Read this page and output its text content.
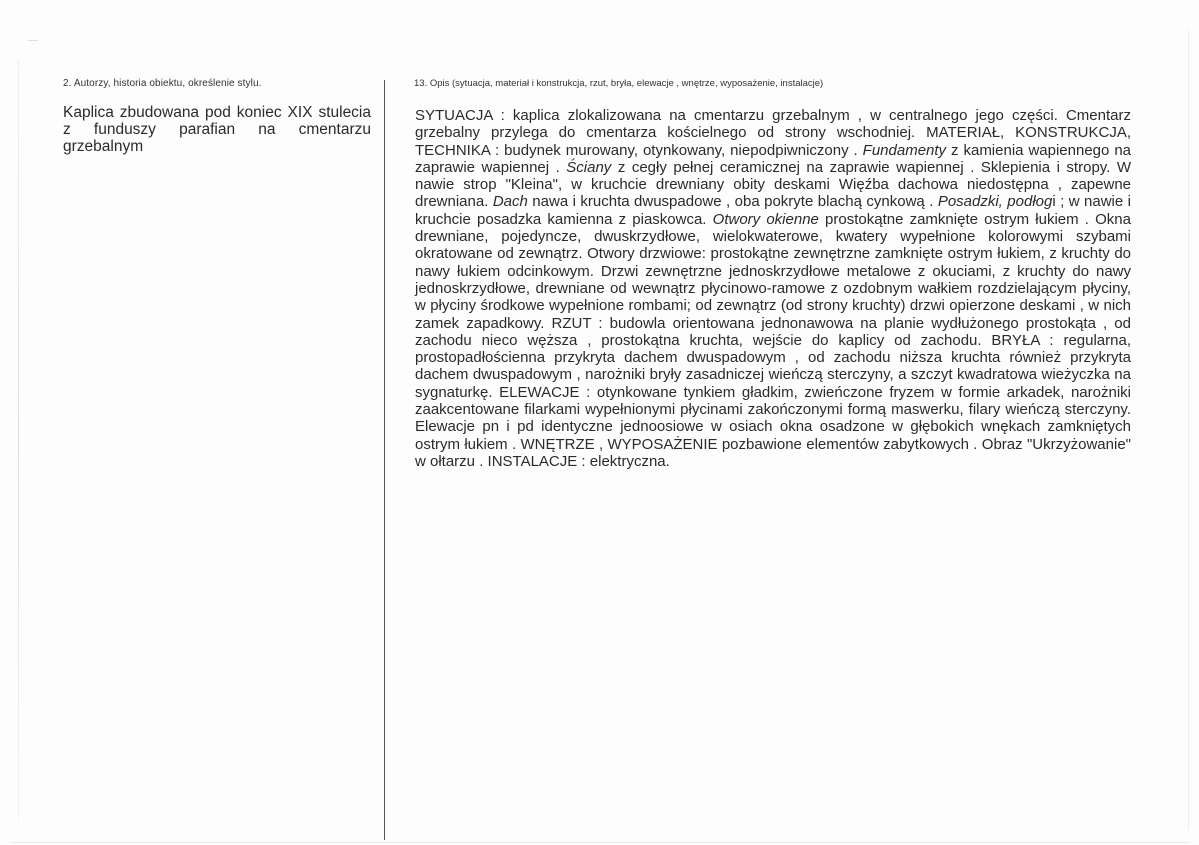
2. Autorzy, historia obiektu, określenie stylu.
Kaplica zbudowana pod koniec XIX stulecia z funduszy parafian na cmentarzu grzebalnym
13. Opis (sytuacja, materiał i konstrukcja, rzut, bryła, elewacje , wnętrze, wyposażenie, instalacje)

SYTUACJA : kaplica zlokalizowana na cmentarzu grzebalnym , w centralnego jego części. Cmentarz grzebalny przylega do cmentarza kościelnego od strony wschodniej. MATERIAŁ, KONSTRUKCJA, TECHNIKA : budynek murowany, otynkowany, niepodpiwniczony . Fundamenty z kamienia wapiennego na zaprawie wapiennej . Ściany z cegły pełnej ceramicznej na zaprawie wapiennej . Sklepienia i stropy. W nawie strop "Kleina", w kruchcie drewniany obity deskami Więźba dachowa niedostępna , zapewne drewniana. Dach nawa i kruchta dwuspadowe , oba pokryte blachą cynkową . Posadzki, podłogi ; w nawie i kruchcie posadzka kamienna z piaskowca. Otwory okienne prostokątne zamknięte ostrym łukiem . Okna drewniane, pojedyncze, dwuskrzydłowe, wielokwaterowe, kwatery wypełnione kolorowymi szybami okratowane od zewnątrz. Otwory drzwiowe: prostokątne zewnętrzne zamknięte ostrym łukiem, z kruchty do nawy łukiem odcinkowym. Drzwi zewnętrzne jednoskrzydłowe metalowe z okuciami, z kruchty do nawy jednoskrzydłowe, drewniane od wewnątrz płycinowo-ramowe z ozdobnym wałkiem rozdzielającym płyciny, w płyciny środkowe wypełnione rombami; od zewnątrz (od strony kruchty) drzwi opierzone deskami , w nich zamek zapadkowy. RZUT : budowla orientowana jednonawowa na planie wydłużonego prostokąta , od zachodu nieco węższa , prostokątna kruchta, wejście do kaplicy od zachodu. BRYŁA : regularna, prostopadłościenna przykryta dachem dwuspadowym , od zachodu niższa kruchta również przykryta dachem dwuspadowym , narożniki bryły zasadniczej wieńczą sterczyny, a szczyt kwadratowa wieżyczka na sygnaturkę. ELEWACJE : otynkowane tynkiem gładkim, zwieńczone fryzem w formie arkadek, narożniki zaakcentowane filarkami wypełnionymi płycinami zakończonymi formą maswerku, filary wieńczą sterczyny. Elewacje pn i pd identyczne jednoosiowe w osiach okna osadzone w głębokich wnękach zamkniętych ostrym łukiem . WNĘTRZE , WYPOSAŻENIE pozbawione elementów zabytkowych . Obraz "Ukrzyżowanie" w ołtarzu . INSTALACJE : elektryczna.
